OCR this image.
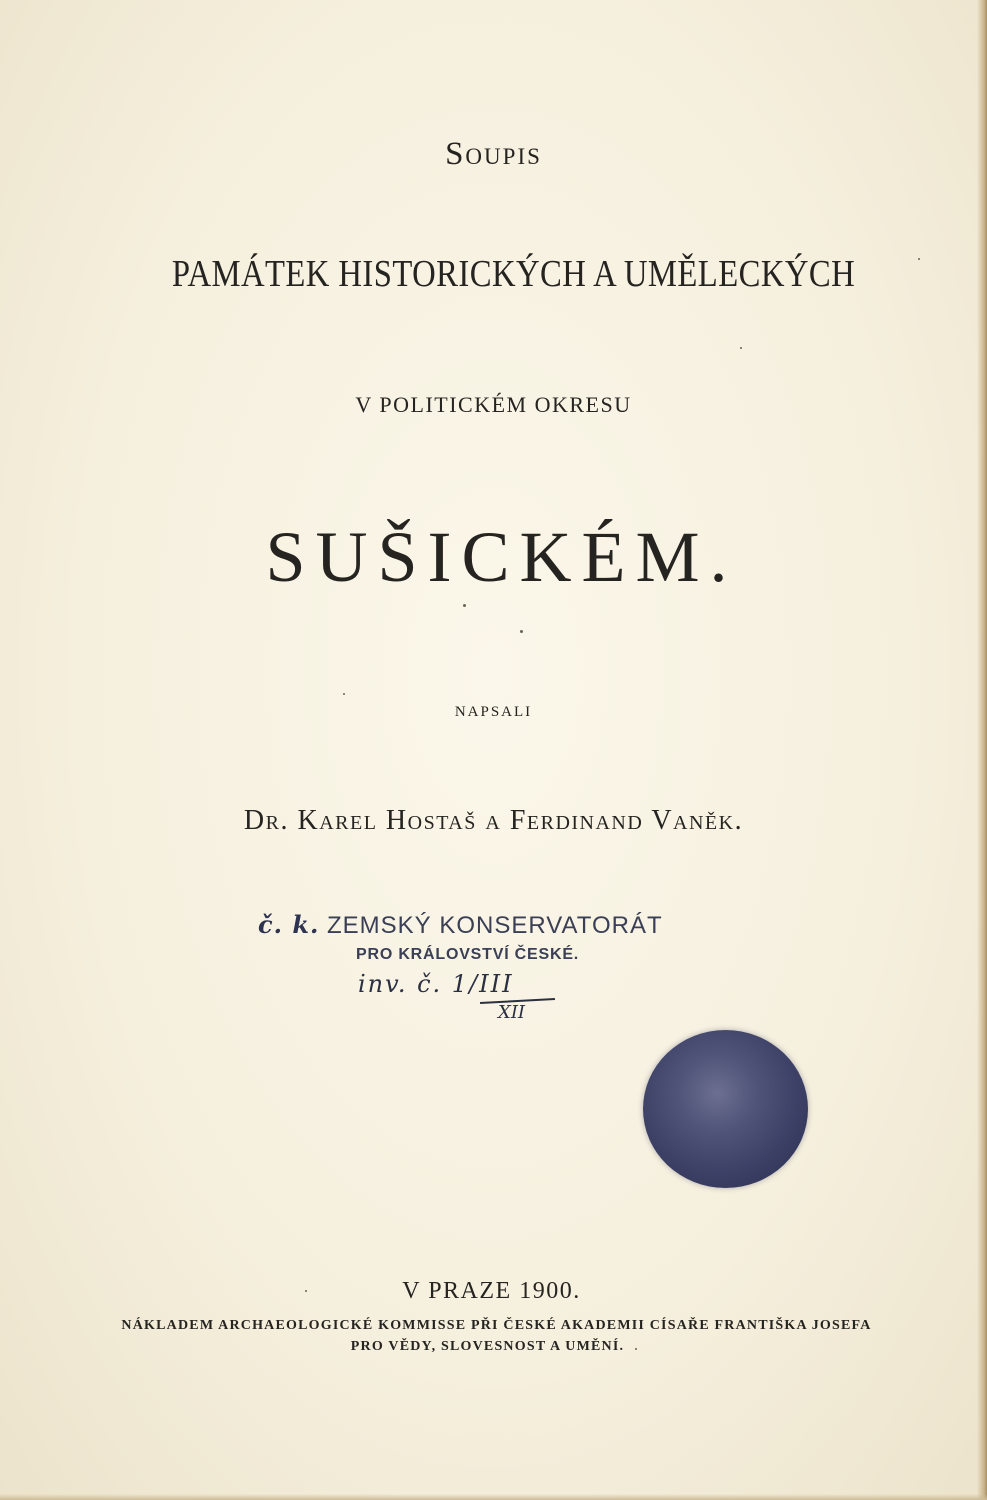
Soupis
PAMÁTEK HISTORICKÝCH A UMĚLECKÝCH
V POLITICKÉM OKRESU
SUŠICKÉM.
NAPSALI
Dr. Karel Hostaš a Ferdinand Vaněk.
č. k. ZEMSKÝ KONSERVATORÁT
PRO KRÁLOVSTVÍ ČESKÉ.
inv. č. 1/III
XII
V PRAZE 1900.
NÁKLADEM ARCHAEOLOGICKÉ KOMMISSE PŘI ČESKÉ AKADEMII CÍSAŘE FRANTIŠKA JOSEFA
PRO VĚDY, SLOVESNOST A UMĚNÍ.
